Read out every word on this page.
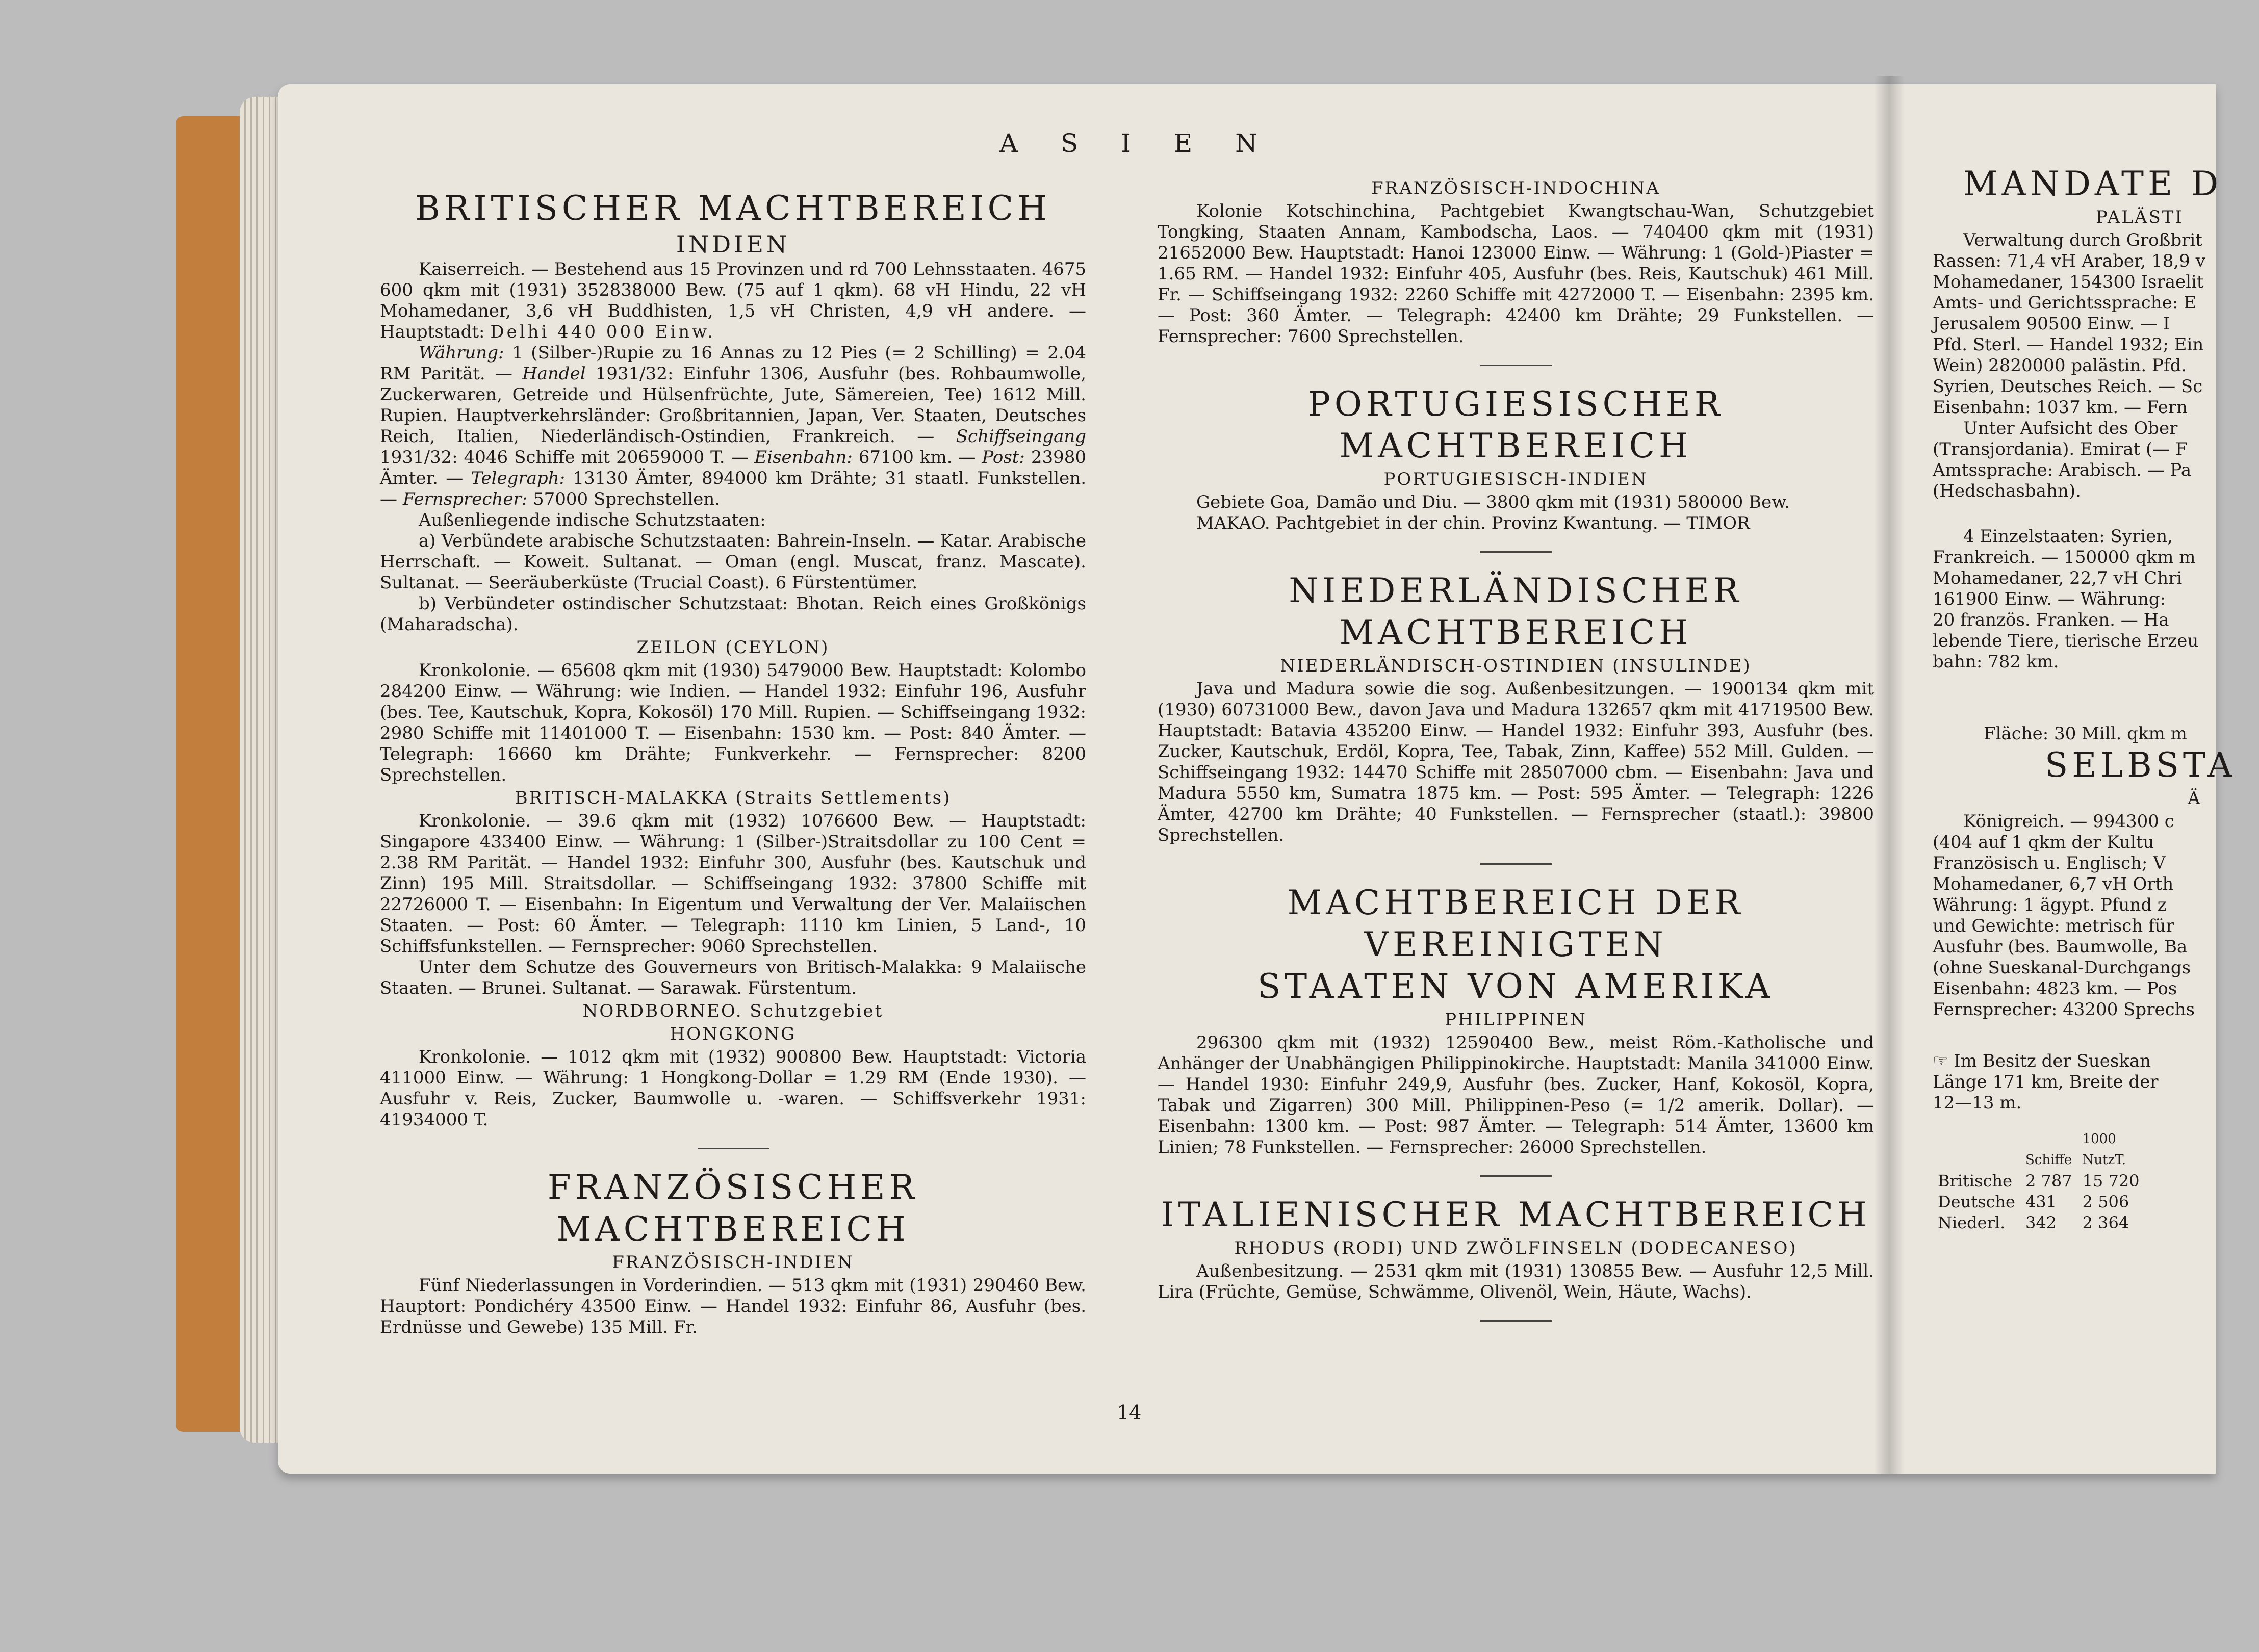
A S I E N
BRITISCHER MACHTBEREICH
INDIEN

Kaiserreich. — Bestehend aus 15 Provinzen und rd 700 Lehnsstaaten. 4675 600 qkm mit (1931) 352838000 Bew. (75 auf 1 qkm). 68 vH Hindu, 22 vH Mohamedaner, 3,6 vH Buddhisten, 1,5 vH Christen, 4,9 vH andere. — Hauptstadt: Delhi 440 000 Einw.

Währung: 1 (Silber-)Rupie zu 16 Annas zu 12 Pies (= 2 Schilling) = 2.04 RM Parität. — Handel 1931/32: Einfuhr 1306, Ausfuhr (bes. Rohbaumwolle, Zuckerwaren, Getreide und Hülsenfrüchte, Jute, Sämereien, Tee) 1612 Mill. Rupien. Hauptverkehrsländer: Großbritannien, Japan, Ver. Staaten, Deutsches Reich, Italien, Niederländisch-Ostindien, Frankreich. — Schiffseingang 1931/32: 4046 Schiffe mit 20659000 T. — Eisenbahn: 67100 km. — Post: 23980 Ämter. — Telegraph: 13130 Ämter, 894000 km Drähte; 31 staatl. Funkstellen. — Fernsprecher: 57000 Sprechstellen.

Außenliegende indische Schutzstaaten:

a) Verbündete arabische Schutzstaaten: Bahrein-Inseln. — Katar. Arabische Herrschaft. — Koweit. Sultanat. — Oman (engl. Muscat, franz. Mascate). Sultanat. — Seeräuberküste (Trucial Coast). 6 Fürstentümer.

b) Verbündeter ostindischer Schutzstaat: Bhotan. Reich eines Großkönigs (Maharadscha).

ZEILON (CEYLON)

Kronkolonie. — 65608 qkm mit (1930) 5479000 Bew. Hauptstadt: Kolombo 284200 Einw. — Währung: wie Indien. — Handel 1932: Einfuhr 196, Ausfuhr (bes. Tee, Kautschuk, Kopra, Kokosöl) 170 Mill. Rupien. — Schiffseingang 1932: 2980 Schiffe mit 11401000 T. — Eisenbahn: 1530 km. — Post: 840 Ämter. — Telegraph: 16660 km Drähte; Funkverkehr. — Fernsprecher: 8200 Sprechstellen.

BRITISCH-MALAKKA (Straits Settlements)

Kronkolonie. — 39.6 qkm mit (1932) 1076600 Bew. — Hauptstadt: Singapore 433400 Einw. — Währung: 1 (Silber-)Straitsdollar zu 100 Cent = 2.38 RM Parität. — Handel 1932: Einfuhr 300, Ausfuhr (bes. Kautschuk und Zinn) 195 Mill. Straitsdollar. — Schiffseingang 1932: 37800 Schiffe mit 22726000 T. — Eisenbahn: In Eigentum und Verwaltung der Ver. Malaiischen Staaten. — Post: 60 Ämter. — Telegraph: 1110 km Linien, 5 Land-, 10 Schiffsfunkstellen. — Fernsprecher: 9060 Sprechstellen.

Unter dem Schutze des Gouverneurs von Britisch-Malakka: 9 Malaiische Staaten. — Brunei. Sultanat. — Sarawak. Fürstentum.

NORDBORNEO. Schutzgebiet
HONGKONG

Kronkolonie. — 1012 qkm mit (1932) 900800 Bew. Hauptstadt: Victoria 411000 Einw. — Währung: 1 Hongkong-Dollar = 1.29 RM (Ende 1930). — Ausfuhr v. Reis, Zucker, Baumwolle u. -waren. — Schiffsverkehr 1931: 41934000 T.

FRANZÖSISCHER MACHTBEREICH
FRANZÖSISCH-INDIEN

Fünf Niederlassungen in Vorderindien. — 513 qkm mit (1931) 290460 Bew. Hauptort: Pondichéry 43500 Einw. — Handel 1932: Einfuhr 86, Ausfuhr (bes. Erdnüsse und Gewebe) 135 Mill. Fr.

FRANZÖSISCH-INDOCHINA

Kolonie Kotschinchina, Pachtgebiet Kwangtschau-Wan, Schutzgebiet Tongking, Staaten Annam, Kambodscha, Laos. — 740400 qkm mit (1931) 21652000 Bew. Hauptstadt: Hanoi 123000 Einw. — Währung: 1 (Gold-)Piaster = 1.65 RM. — Handel 1932: Einfuhr 405, Ausfuhr (bes. Reis, Kautschuk) 461 Mill. Fr. — Schiffseingang 1932: 2260 Schiffe mit 4272000 T. — Eisenbahn: 2395 km. — Post: 360 Ämter. — Telegraph: 42400 km Drähte; 29 Funkstellen. — Fernsprecher: 7600 Sprechstellen.

PORTUGIESISCHER MACHTBEREICH
PORTUGIESISCH-INDIEN

Gebiete Goa, Damão und Diu. — 3800 qkm mit (1931) 580000 Bew.

MAKAO. Pachtgebiet in der chin. Provinz Kwantung. — TIMOR

NIEDERLÄNDISCHER MACHTBEREICH
NIEDERLÄNDISCH-OSTINDIEN (INSULINDE)

Java und Madura sowie die sog. Außenbesitzungen. — 1900134 qkm mit (1930) 60731000 Bew., davon Java und Madura 132657 qkm mit 41719500 Bew. Hauptstadt: Batavia 435200 Einw. — Handel 1932: Einfuhr 393, Ausfuhr (bes. Zucker, Kautschuk, Erdöl, Kopra, Tee, Tabak, Zinn, Kaffee) 552 Mill. Gulden. — Schiffseingang 1932: 14470 Schiffe mit 28507000 cbm. — Eisenbahn: Java und Madura 5550 km, Sumatra 1875 km. — Post: 595 Ämter. — Telegraph: 1226 Ämter, 42700 km Drähte; 40 Funkstellen. — Fernsprecher (staatl.): 39800 Sprechstellen.

MACHTBEREICH DER VEREINIGTEN
STAATEN VON AMERIKA
PHILIPPINEN

296300 qkm mit (1932) 12590400 Bew., meist Röm.-Katholische und Anhänger der Unabhängigen Philippinokirche. Hauptstadt: Manila 341000 Einw. — Handel 1930: Einfuhr 249,9, Ausfuhr (bes. Zucker, Hanf, Kokosöl, Kopra, Tabak und Zigarren) 300 Mill. Philippinen-Peso (= 1/2 amerik. Dollar). — Eisenbahn: 1300 km. — Post: 987 Ämter. — Telegraph: 514 Ämter, 13600 km Linien; 78 Funkstellen. — Fernsprecher: 26000 Sprechstellen.

ITALIENISCHER MACHTBEREICH
RHODUS (RODI) UND ZWÖLFINSELN (DODECANESO)

Außenbesitzung. — 2531 qkm mit (1931) 130855 Bew. — Ausfuhr 12,5 Mill. Lira (Früchte, Gemüse, Schwämme, Olivenöl, Wein, Häute, Wachs).

MANDATE D
PALÄSTI
Verwaltung durch Großbrit
Rassen: 71,4 vH Araber, 18,9 v
Mohamedaner, 154300 Israelit
Amts- und Gerichtssprache: E
Jerusalem 90500 Einw. — I
Pfd. Sterl. — Handel 1932; Ein
Wein) 2820000 palästin. Pfd.
Syrien, Deutsches Reich. — Sc
Eisenbahn: 1037 km. — Fern
Unter Aufsicht des Ober
(Transjordania). Emirat (— F
Amtssprache: Arabisch. — Pa
(Hedschasbahn).
4 Einzelstaaten: Syrien,
Frankreich. — 150000 qkm m
Mohamedaner, 22,7 vH Chri
161900 Einw. — Währung:
20 französ. Franken. — Ha
lebende Tiere, tierische Erzeu
bahn: 782 km.
Fläche: 30 Mill. qkm m
SELBSTA
Ä
Königreich. — 994300 c
(404 auf 1 qkm der Kultu
Französisch u. Englisch; V
Mohamedaner, 6,7 vH Orth
Währung: 1 ägypt. Pfund z
und Gewichte: metrisch für
Ausfuhr (bes. Baumwolle, Ba
(ohne Sueskanal-Durchgangs
Eisenbahn: 4823 km. — Pos
Fernsprecher: 43200 Sprechs
☞ Im Besitz der Sueskan
Länge 171 km, Breite der
12—13 m.
		1000
	Schiffe	NutzT.
Britische	2 787	15 720
Deutsche	431	2 506
Niederl.	342	2 364
14
